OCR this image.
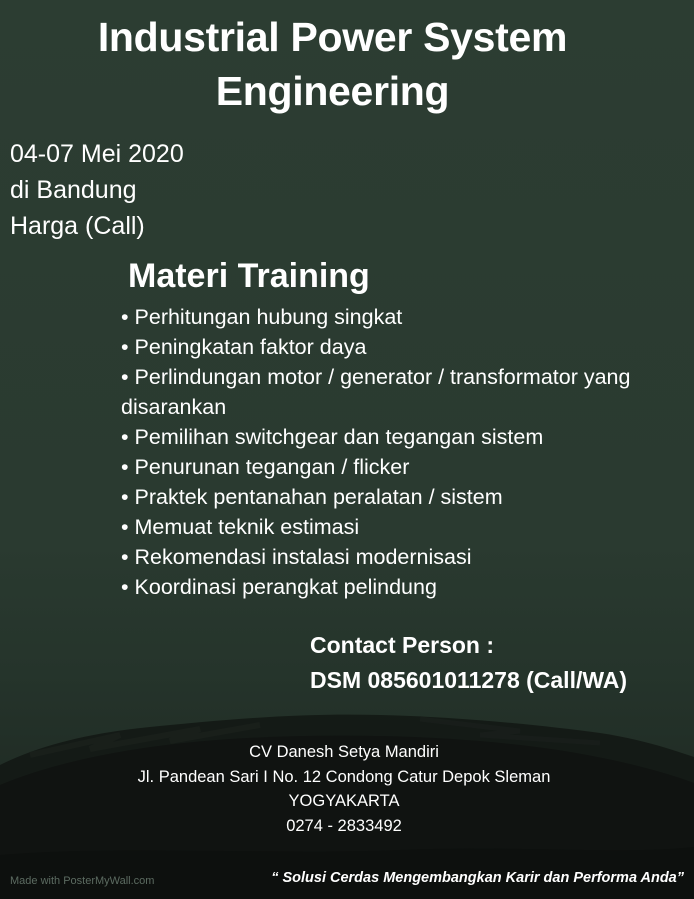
Industrial Power System
Engineering
04-07 Mei 2020
di Bandung
Harga (Call)
Materi Training
• Perhitungan hubung singkat
• Peningkatan faktor daya
• Perlindungan motor / generator / transformator yang disarankan
• Pemilihan switchgear dan tegangan sistem
• Penurunan tegangan / flicker
• Praktek pentanahan peralatan / sistem
• Memuat teknik estimasi
• Rekomendasi instalasi modernisasi
• Koordinasi perangkat pelindung
Contact Person :
DSM 085601011278 (Call/WA)
CV Danesh Setya Mandiri
Jl. Pandean Sari I No. 12 Condong Catur Depok Sleman
YOGYAKARTA
0274 - 2833492
Made with PosterMyWall.com	“ Solusi Cerdas Mengembangkan Karir dan Performa Anda”
